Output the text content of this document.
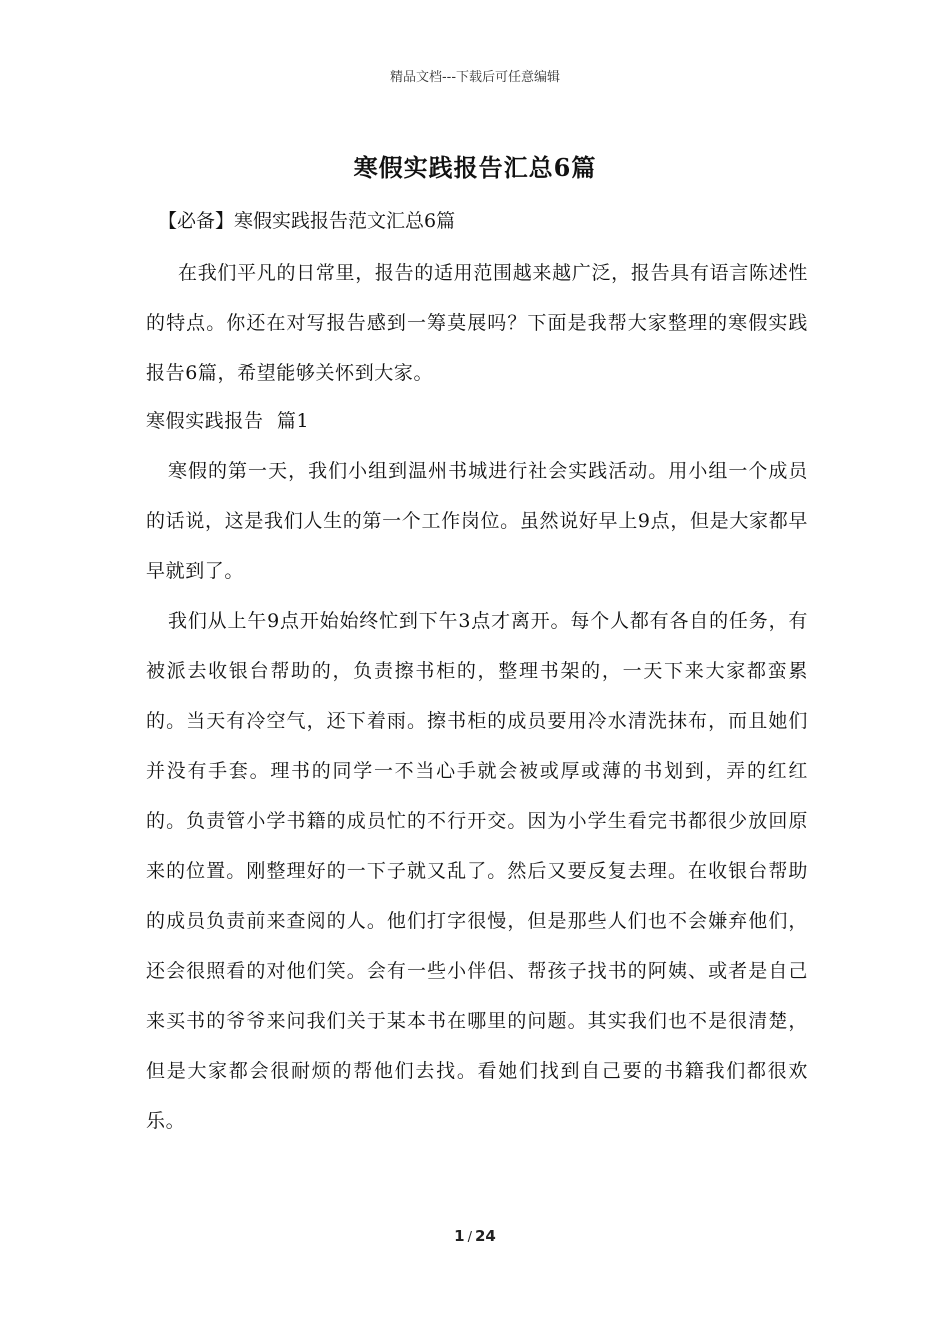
精品文档---下载后可任意编辑
寒假实践报告汇总6篇
【必备】寒假实践报告范文汇总6篇
在我们平凡的日常里，报告的适用范围越来越广泛，报告具有语言陈述性的特点。你还在对写报告感到一筹莫展吗？下面是我帮大家整理的寒假实践报告6篇，希望能够关怀到大家。
寒假实践报告  篇1
寒假的第一天，我们小组到温州书城进行社会实践活动。用小组一个成员的话说，这是我们人生的第一个工作岗位。虽然说好早上9点，但是大家都早早就到了。
我们从上午9点开始始终忙到下午3点才离开。每个人都有各自的任务，有被派去收银台帮助的，负责擦书柜的，整理书架的，一天下来大家都蛮累的。当天有冷空气，还下着雨。擦书柜的成员要用冷水清洗抹布，而且她们并没有手套。理书的同学一不当心手就会被或厚或薄的书划到，弄的红红的。负责管小学书籍的成员忙的不行开交。因为小学生看完书都很少放回原来的位置。刚整理好的一下子就又乱了。然后又要反复去理。在收银台帮助的成员负责前来查阅的人。他们打字很慢，但是那些人们也不会嫌弃他们，还会很照看的对他们笑。会有一些小伴侣、帮孩子找书的阿姨、或者是自己来买书的爷爷来问我们关于某本书在哪里的问题。其实我们也不是很清楚，但是大家都会很耐烦的帮他们去找。看她们找到自己要的书籍我们都很欢乐。
1 / 24
